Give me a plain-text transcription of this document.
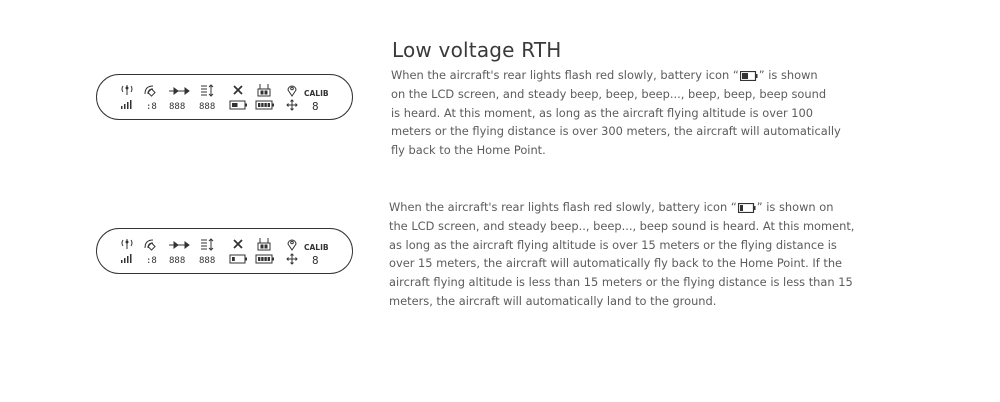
Low voltage RTH
:8 888 888
CALIB
8
:8 888 888
CALIB
8
When the aircraft's rear lights flash red slowly, battery icon “ ” is shown
on the LCD screen, and steady beep, beep, beep..., beep, beep, beep sound
is heard. At this moment, as long as the aircraft flying altitude is over 100
meters or the flying distance is over 300 meters, the aircraft will automatically
fly back to the Home Point.
When the aircraft's rear lights flash red slowly, battery icon “ ” is shown on
the LCD screen, and steady beep.., beep..., beep sound is heard. At this moment,
as long as the aircraft flying altitude is over 15 meters or the flying distance is
over 15 meters, the aircraft will automatically fly back to the Home Point. If the
aircraft flying altitude is less than 15 meters or the flying distance is less than 15
meters, the aircraft will automatically land to the ground.
